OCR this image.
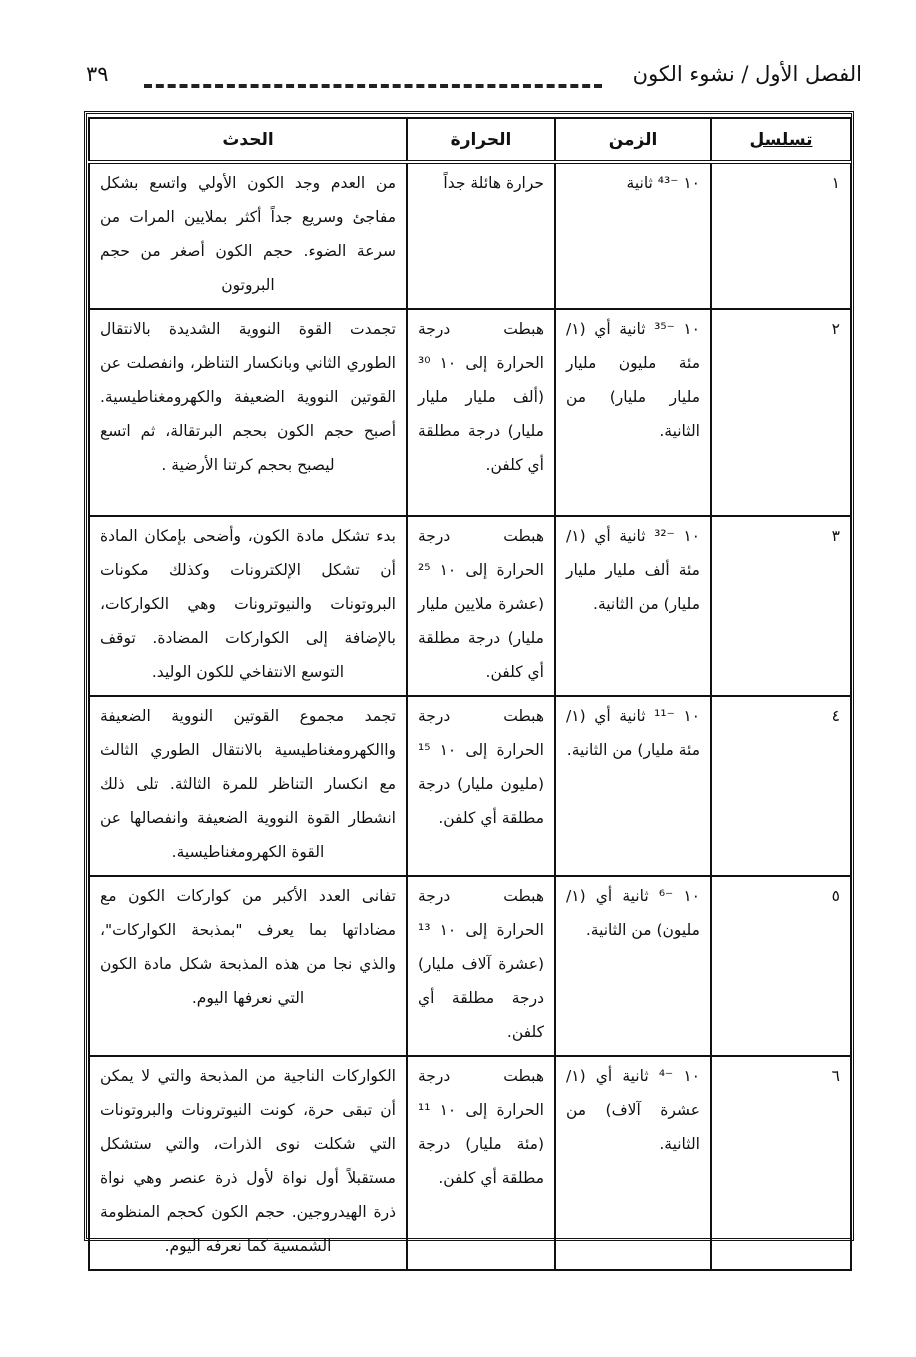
الفصل الأول / نشوء الكون
٣٩
تسلسل	الزمن	الحرارة	الحدث
١	١٠ ⁻⁴³ ثانية	حرارة هائلة جداً	من العدم وجد الكون الأولي واتسع بشكل مفاجئ وسريع جداً أكثر بملايين المرات من سرعة الضوء. حجم الكون أصغر من حجم البروتون
٢	١٠ ⁻³⁵ ثانية أي (١/ مئة مليون مليار مليار مليار) من الثانية.	هبطت درجة الحرارة إلى ١٠ ³⁰ (ألف مليار مليار مليار) درجة مطلقة أي كلفن.	تجمدت القوة النووية الشديدة بالانتقال الطوري الثاني وبانكسار التناظر، وانفصلت عن القوتين النووية الضعيفة والكهرومغناطيسية. أصبح حجم الكون بحجم البرتقالة، ثم اتسع ليصبح بحجم كرتنا الأرضية .
٣	١٠ ⁻³² ثانية أي (١/ مئة ألف مليار مليار مليار) من الثانية.	هبطت درجة الحرارة إلى ١٠ ²⁵ (عشرة ملايين مليار مليار) درجة مطلقة أي كلفن.	بدء تشكل مادة الكون، وأضحى بإمكان المادة أن تشكل الإلكترونات وكذلك مكونات البروتونات والنيوترونات وهي الكواركات، بالإضافة إلى الكواركات المضادة. توقف التوسع الانتفاخي للكون الوليد.
٤	١٠ ⁻¹¹ ثانية أي (١/ مئة مليار) من الثانية.	هبطت درجة الحرارة إلى ١٠ ¹⁵ (مليون مليار) درجة مطلقة أي كلفن.	تجمد مجموع القوتين النووية الضعيفة واالكهرومغناطيسية بالانتقال الطوري الثالث مع انكسار التناظر للمرة الثالثة. تلى ذلك انشطار القوة النووية الضعيفة وانفصالها عن القوة الكهرومغناطيسية.
٥	١٠ ⁻⁶ ثانية أي (١/ مليون) من الثانية.	هبطت درجة الحرارة إلى ١٠ ¹³ (عشرة آلاف مليار) درجة مطلقة أي كلفن.	تفانى العدد الأكبر من كواركات الكون مع مضاداتها بما يعرف "بمذبحة الكواركات"، والذي نجا من هذه المذبحة شكل مادة الكون التي نعرفها اليوم.
٦	١٠ ⁻⁴ ثانية أي (١/ عشرة آلاف) من الثانية.	هبطت درجة الحرارة إلى ١٠ ¹¹ (مئة مليار) درجة مطلقة أي كلفن.	الكواركات الناجية من المذبحة والتي لا يمكن أن تبقى حرة، كونت النيوترونات والبروتونات التي شكلت نوى الذرات، والتي ستشكل مستقبلاً أول نواة لأول ذرة عنصر وهي نواة ذرة الهيدروجين. حجم الكون كحجم المنظومة الشمسية كما نعرفه اليوم.
